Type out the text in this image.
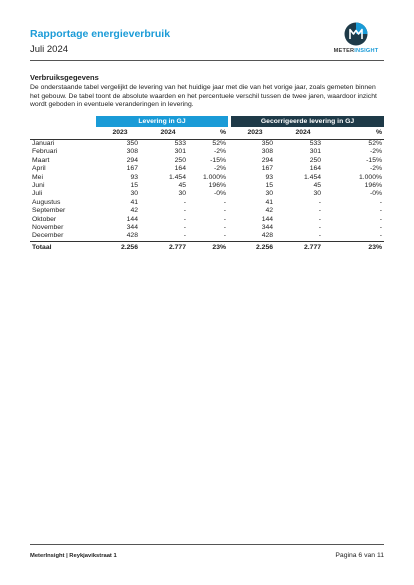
Rapportage energieverbruik
Juli 2024	METERINSIGHT
Verbruiksgegevens
De onderstaande tabel vergelijkt de levering van het huidige jaar met die van het vorige jaar, zoals gemeten binnen het gebouw. De tabel toont de absolute waarden en het percentuele verschil tussen de twee jaren, waardoor inzicht wordt geboden in eventuele veranderingen in levering.
	Levering in GJ				Gecorrigeerde levering in GJ		
	2023	2024	%		2023	2024	%
Januari	350	533	52%		350	533	52%
Februari	308	301	-2%		308	301	-2%
Maart	294	250	-15%		294	250	-15%
April	167	164	-2%		167	164	-2%
Mei	93	1.454	1.000%		93	1.454	1.000%
Juni	15	45	196%		15	45	196%
Juli	30	30	-0%		30	30	-0%
Augustus	41	-	-		41	-	-
September	42	-	-		42	-	-
Oktober	144	-	-		144	-	-
November	344	-	-		344	-	-
December	428	-	-		428	-	-
Totaal	2.256	2.777	23%		2.256	2.777	23%
MeterInsight | Reykjavikstraat 1	Pagina 6 van 11
